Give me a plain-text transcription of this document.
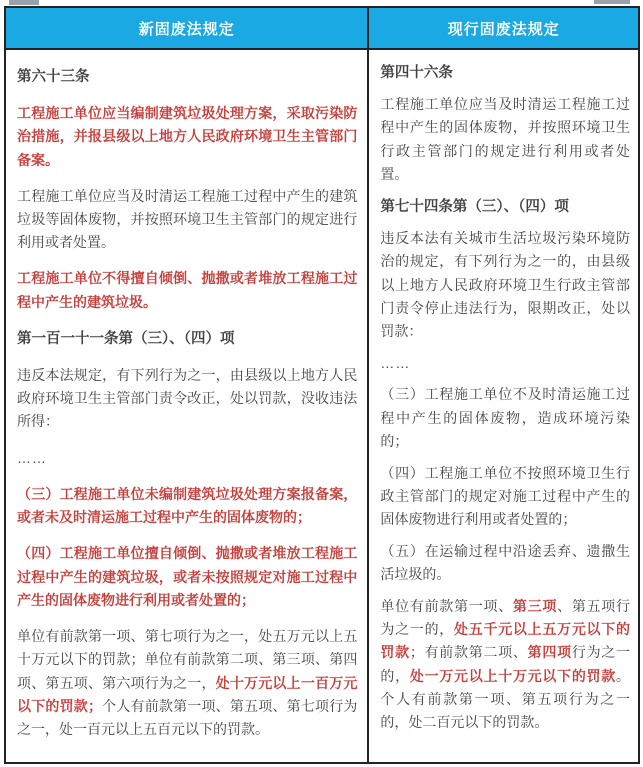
新固废法规定	现行固废法规定

第六十三条

工程施工单位应当编制建筑垃圾处理方案，采取污染防治措施，并报县级以上地方人民政府环境卫生主管部门备案。

工程施工单位应当及时清运工程施工过程中产生的建筑垃圾等固体废物，并按照环境卫生主管部门的规定进行利用或者处置。

工程施工单位不得擅自倾倒、抛撒或者堆放工程施工过程中产生的建筑垃圾。

第一百一十一条第（三）、（四）项

违反本法规定，有下列行为之一，由县级以上地方人民政府环境卫生主管部门责令改正，处以罚款，没收违法所得：

……

（三）工程施工单位未编制建筑垃圾处理方案报备案，或者未及时清运施工过程中产生的固体废物的；

（四）工程施工单位擅自倾倒、抛撒或者堆放工程施工过程中产生的建筑垃圾，或者未按照规定对施工过程中产生的固体废物进行利用或者处置的；

单位有前款第一项、第七项行为之一，处五万元以上五十万元以下的罚款；单位有前款第二项、第三项、第四项、第五项、第六项行为之一，处十万元以上一百万元以下的罚款；个人有前款第一项、第五项、第七项行为之一，处一百元以上五百元以下的罚款。

第四十六条

工程施工单位应当及时清运工程施工过程中产生的固体废物，并按照环境卫生行政主管部门的规定进行利用或者处置。

第七十四条第（三）、（四）项

违反本法有关城市生活垃圾污染环境防治的规定，有下列行为之一的，由县级以上地方人民政府环境卫生行政主管部门责令停止违法行为，限期改正，处以罚款：

……

（三）工程施工单位不及时清运施工过程中产生的固体废物，造成环境污染的；

（四）工程施工单位不按照环境卫生行政主管部门的规定对施工过程中产生的固体废物进行利用或者处置的；

（五）在运输过程中沿途丢弃、遗撒生活垃圾的。

单位有前款第一项、第三项、第五项行为之一的，处五千元以上五万元以下的罚款；有前款第二项、第四项行为之一的，处一万元以上十万元以下的罚款。个人有前款第一项、第五项行为之一的，处二百元以下的罚款。
